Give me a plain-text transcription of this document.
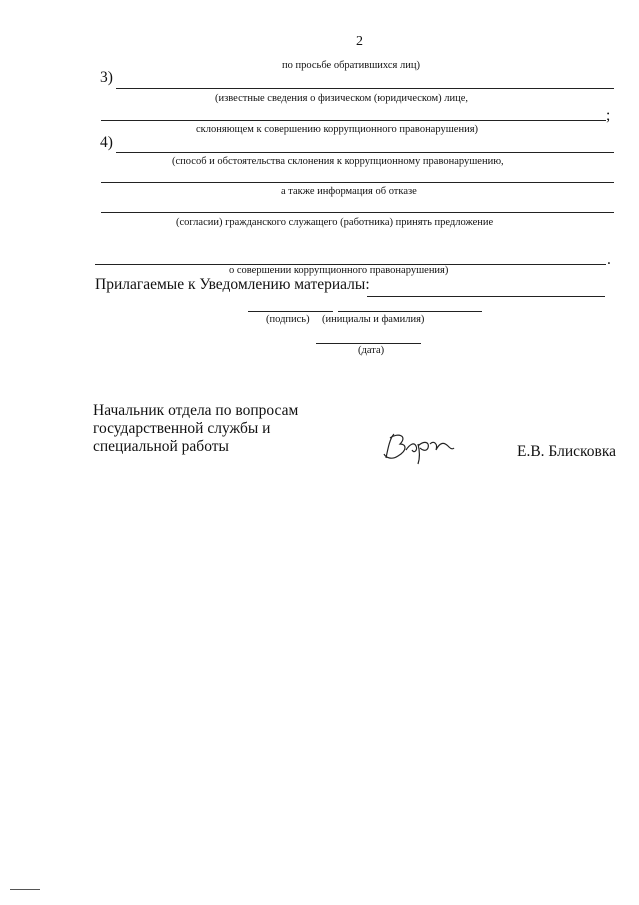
2
по просьбе обратившихся лиц)
3)
(известные сведения о физическом (юридическом) лице,
;
склоняющем к совершению коррупционного правонарушения)
4)
(способ и обстоятельства склонения к коррупционному правонарушению,
а также информация об отказе
(согласии) гражданского служащего (работника) принять предложение
.
о совершении коррупционного правонарушения)
Прилагаемые к Уведомлению материалы:
(подпись) (инициалы и фамилия)
(дата)
Начальник отдела по вопросам
государственной службы и
специальной работы	Е.В. Блисковка
